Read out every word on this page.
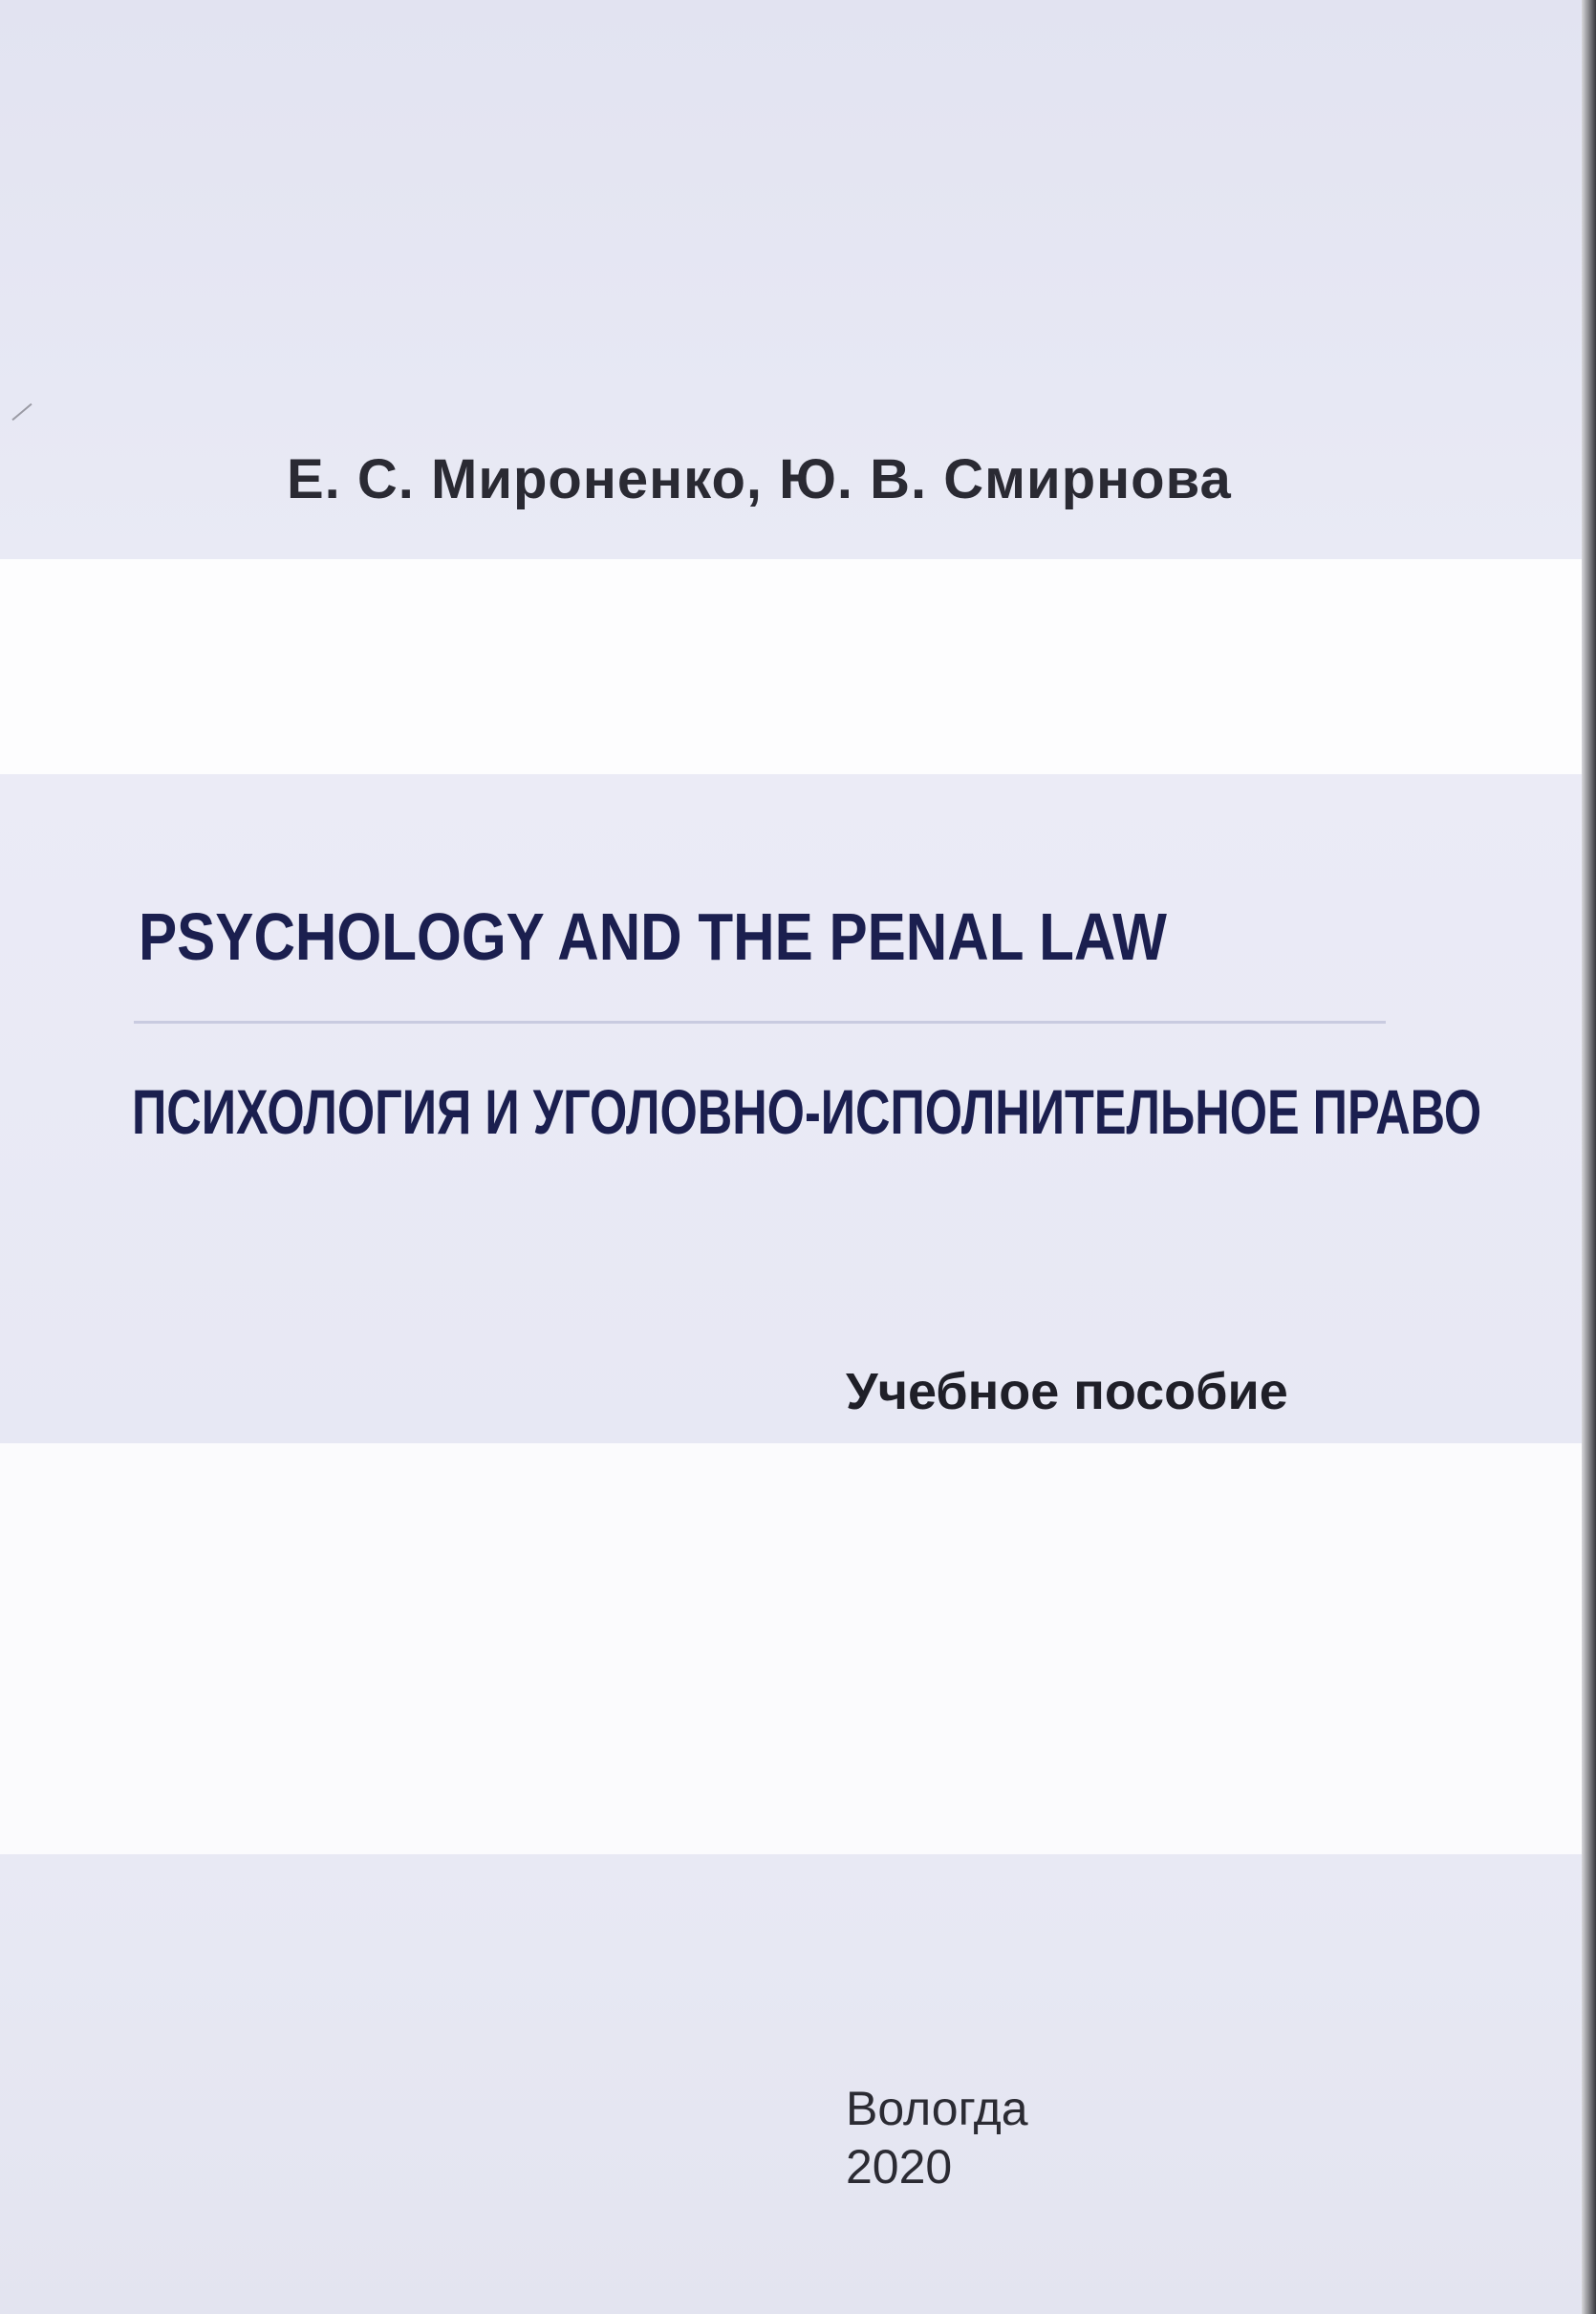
Е. С. Мироненко, Ю. В. Смирнова
PSYCHOLOGY AND THE PENAL LAW
ПСИХОЛОГИЯ И УГОЛОВНО-ИСПОЛНИТЕЛЬНОЕ ПРАВО
Учебное пособие
Вологда
2020
